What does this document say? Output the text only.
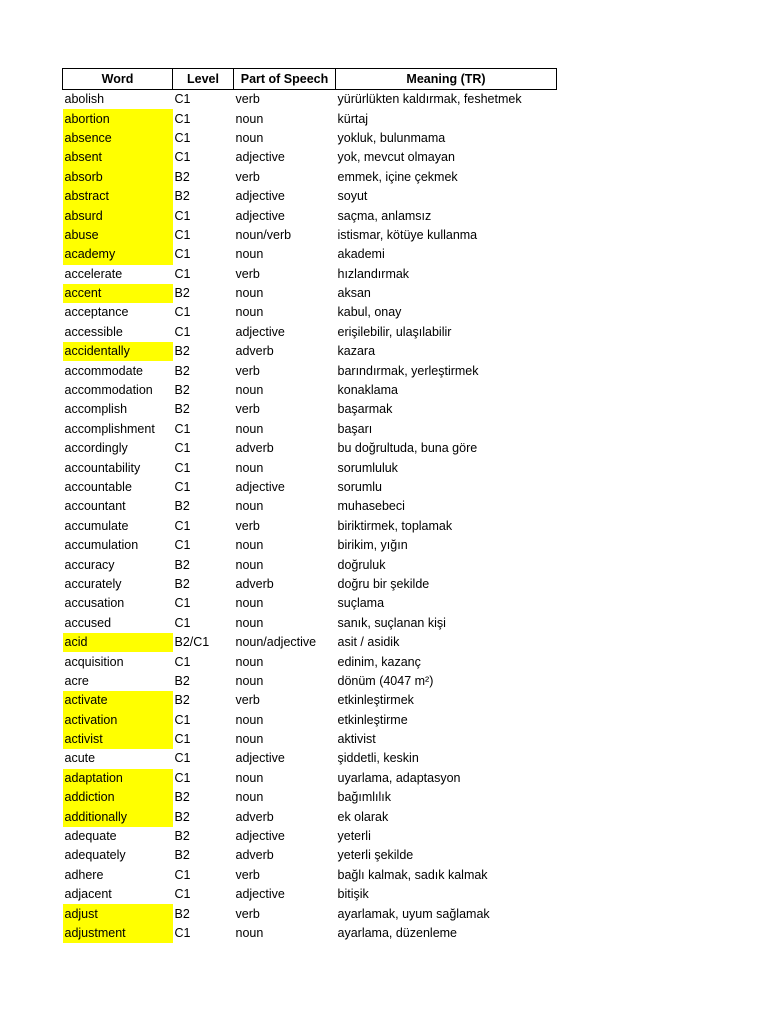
Word	Level	Part of Speech	Meaning (TR)
abolish	C1	verb	yürürlükten kaldırmak, feshetmek
abortion	C1	noun	kürtaj
absence	C1	noun	yokluk, bulunmama
absent	C1	adjective	yok, mevcut olmayan
absorb	B2	verb	emmek, içine çekmek
abstract	B2	adjective	soyut
absurd	C1	adjective	saçma, anlamsız
abuse	C1	noun/verb	istismar, kötüye kullanma
academy	C1	noun	akademi
accelerate	C1	verb	hızlandırmak
accent	B2	noun	aksan
acceptance	C1	noun	kabul, onay
accessible	C1	adjective	erişilebilir, ulaşılabilir
accidentally	B2	adverb	kazara
accommodate	B2	verb	barındırmak, yerleştirmek
accommodation	B2	noun	konaklama
accomplish	B2	verb	başarmak
accomplishment	C1	noun	başarı
accordingly	C1	adverb	bu doğrultuda, buna göre
accountability	C1	noun	sorumluluk
accountable	C1	adjective	sorumlu
accountant	B2	noun	muhasebeci
accumulate	C1	verb	biriktirmek, toplamak
accumulation	C1	noun	birikim, yığın
accuracy	B2	noun	doğruluk
accurately	B2	adverb	doğru bir şekilde
accusation	C1	noun	suçlama
accused	C1	noun	sanık, suçlanan kişi
acid	B2/C1	noun/adjective	asit / asidik
acquisition	C1	noun	edinim, kazanç
acre	B2	noun	dönüm (4047 m²)
activate	B2	verb	etkinleştirmek
activation	C1	noun	etkinleştirme
activist	C1	noun	aktivist
acute	C1	adjective	şiddetli, keskin
adaptation	C1	noun	uyarlama, adaptasyon
addiction	B2	noun	bağımlılık
additionally	B2	adverb	ek olarak
adequate	B2	adjective	yeterli
adequately	B2	adverb	yeterli şekilde
adhere	C1	verb	bağlı kalmak, sadık kalmak
adjacent	C1	adjective	bitişik
adjust	B2	verb	ayarlamak, uyum sağlamak
adjustment	C1	noun	ayarlama, düzenleme
